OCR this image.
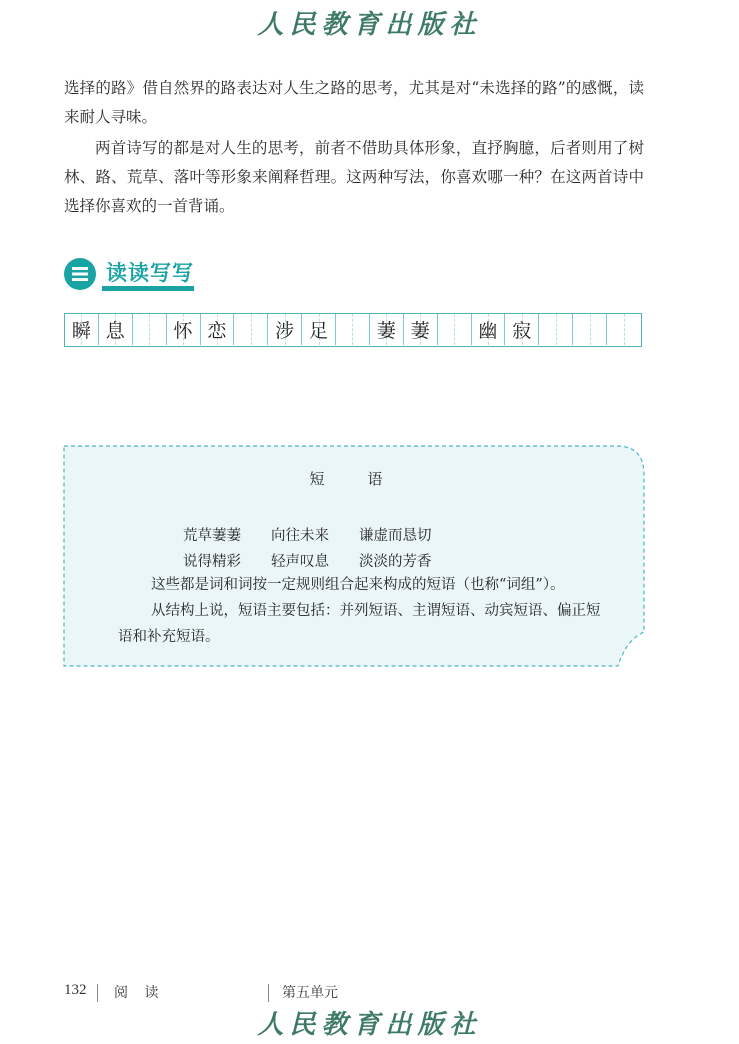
人民教育出版社

选择的路》借自然界的路表达对人生之路的思考，尤其是对“未选择的路”的感慨，读来耐人寻味。

两首诗写的都是对人生的思考，前者不借助具体形象，直抒胸臆，后者则用了树林、路、荒草、落叶等形象来阐释哲理。这两种写法，你喜欢哪一种？在这两首诗中选择你喜欢的一首背诵。

读读写写
瞬 息	怀 恋	涉 足	萋 萋	幽 寂
短　语
荒草萋萋	向往未来	谦虚而恳切
说得精彩	轻声叹息	淡淡的芳香

这些都是词和词按一定规则组合起来构成的短语（也称“词组”）。

从结构上说，短语主要包括：并列短语、主谓短语、动宾短语、偏正短语和补充短语。

132 阅 读	第五单元
人民教育出版社
